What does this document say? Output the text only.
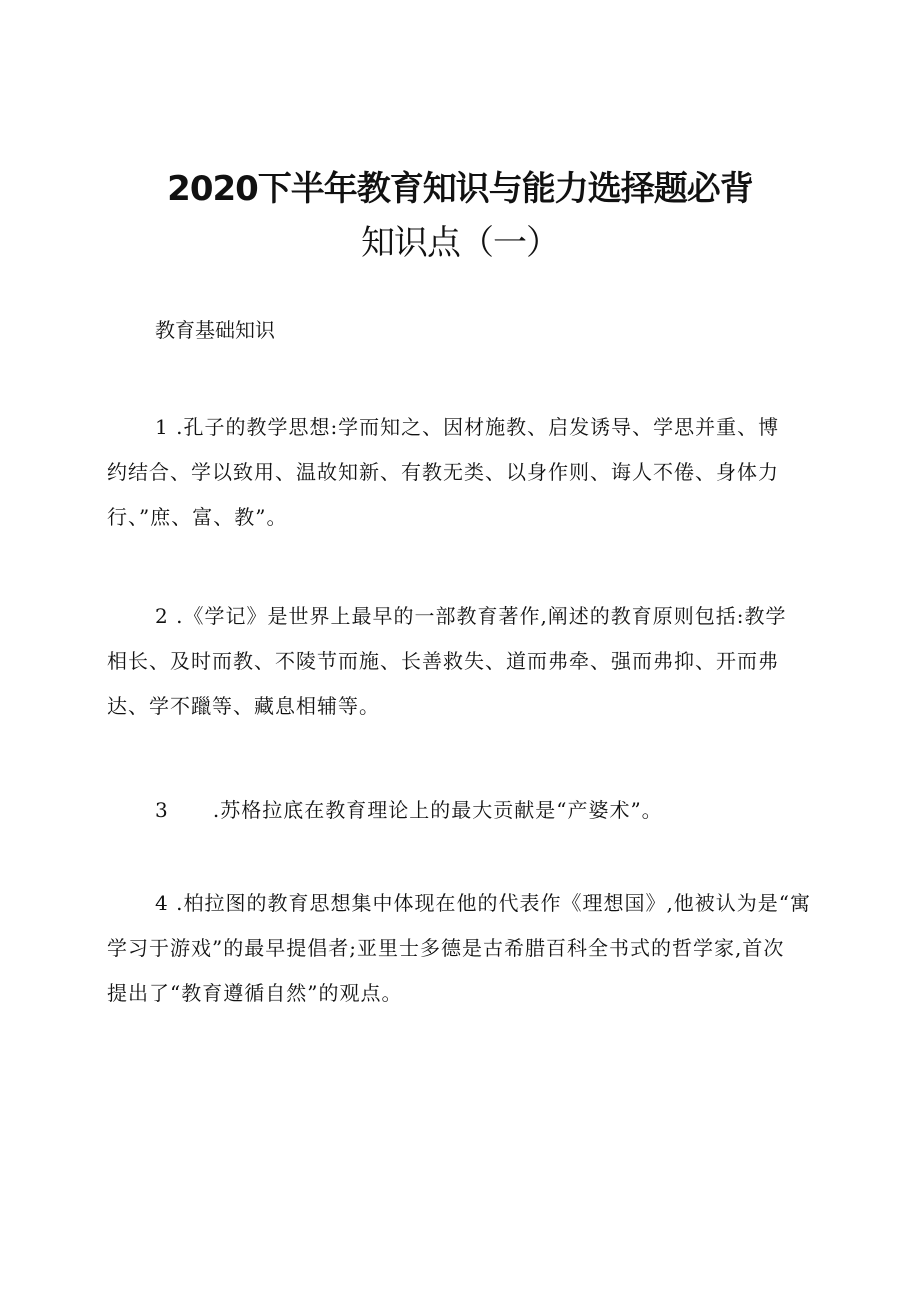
2020下半年教育知识与能力选择题必背
知识点（一）
教育基础知识
1 .孔子的教学思想:学而知之、因材施教、启发诱导、学思并重、博
约结合、学以致用、温故知新、有教无类、以身作则、诲人不倦、身体力
行、”庶、富、教”。
2 .《学记》是世界上最早的一部教育著作,阐述的教育原则包括:教学
相长、及时而教、不陵节而施、长善救失、道而弗牵、强而弗抑、开而弗
达、学不躐等、藏息相辅等。
3      .苏格拉底在教育理论上的最大贡献是“产婆术”。
4 .柏拉图的教育思想集中体现在他的代表作《理想国》,他被认为是“寓
学习于游戏”的最早提倡者;亚里士多德是古希腊百科全书式的哲学家,首次
提出了“教育遵循自然”的观点。
